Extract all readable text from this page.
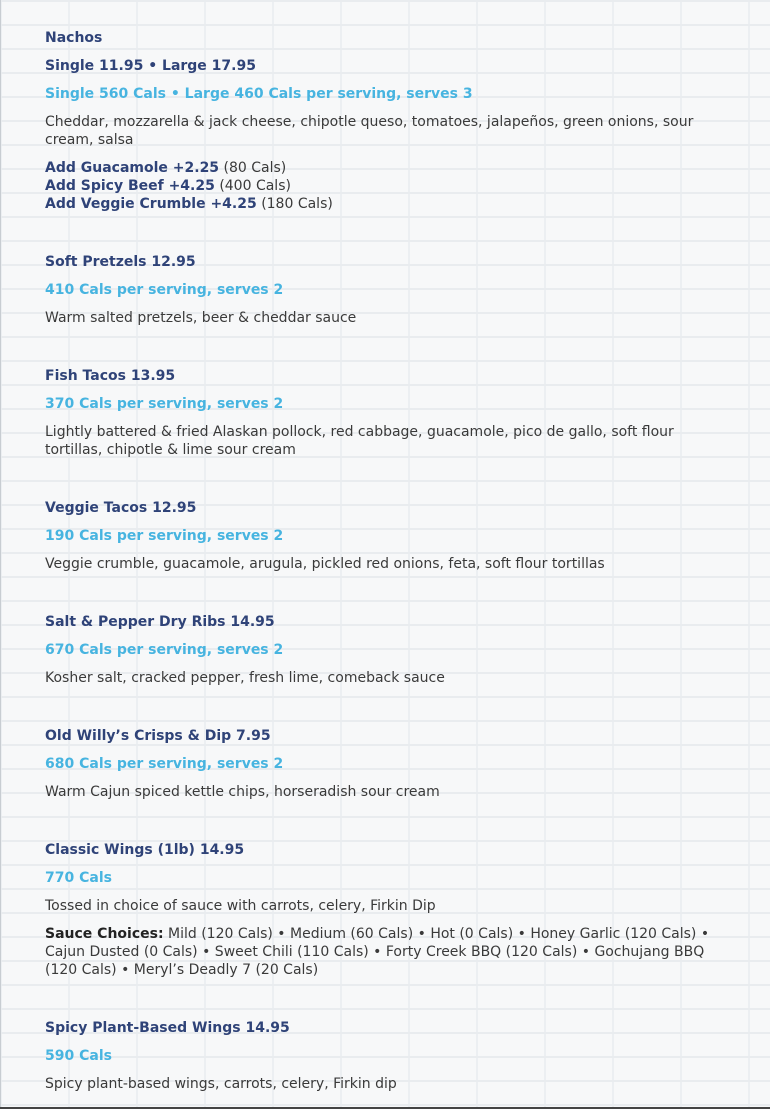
Nachos

Single 11.95 • Large 17.95

Single 560 Cals • Large 460 Cals per serving, serves 3

Cheddar, mozzarella & jack cheese, chipotle queso, tomatoes, jalapeños, green onions, sour cream, salsa

Add Guacamole +2.25 (80 Cals)
Add Spicy Beef +4.25 (400 Cals)
Add Veggie Crumble +4.25 (180 Cals)

Soft Pretzels 12.95

410 Cals per serving, serves 2

Warm salted pretzels, beer & cheddar sauce

Fish Tacos 13.95

370 Cals per serving, serves 2

Lightly battered & fried Alaskan pollock, red cabbage, guacamole, pico de gallo, soft flour tortillas, chipotle & lime sour cream

Veggie Tacos 12.95

190 Cals per serving, serves 2

Veggie crumble, guacamole, arugula, pickled red onions, feta, soft flour tortillas

Salt & Pepper Dry Ribs 14.95

670 Cals per serving, serves 2

Kosher salt, cracked pepper, fresh lime, comeback sauce

Old Willy’s Crisps & Dip 7.95

680 Cals per serving, serves 2

Warm Cajun spiced kettle chips, horseradish sour cream

Classic Wings (1lb) 14.95

770 Cals

Tossed in choice of sauce with carrots, celery, Firkin Dip

Sauce Choices: Mild (120 Cals) • Medium (60 Cals) • Hot (0 Cals) • Honey Garlic (120 Cals) • Cajun Dusted (0 Cals) • Sweet Chili (110 Cals) • Forty Creek BBQ (120 Cals) • Gochujang BBQ (120 Cals) • Meryl’s Deadly 7 (20 Cals)

Spicy Plant-Based Wings 14.95

590 Cals

Spicy plant-based wings, carrots, celery, Firkin dip
